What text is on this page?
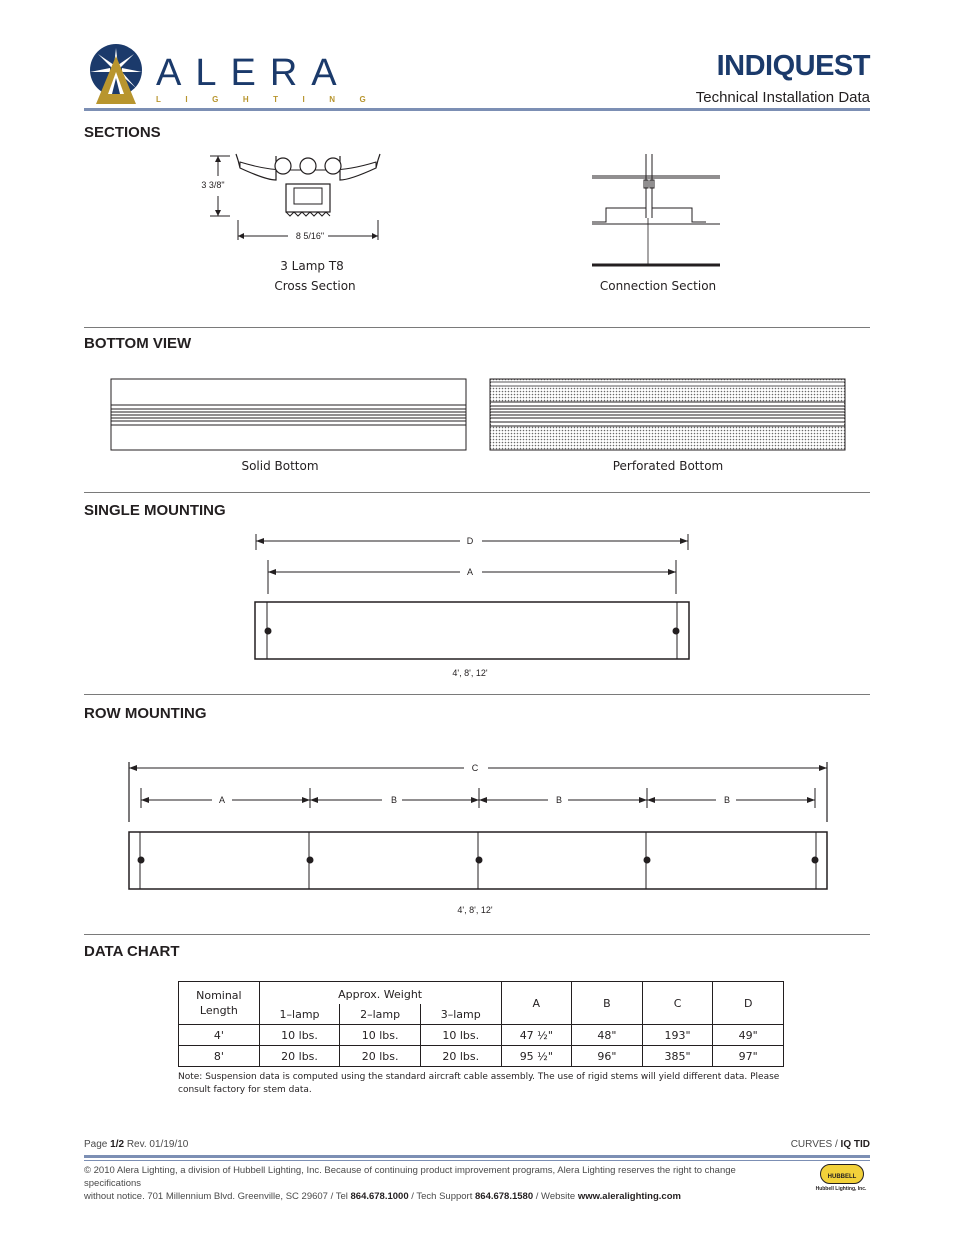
ALERA
LIGHTING
INDIQUEST
Technical Installation Data
SECTIONS
3 3/8"
8 5/16"
3 Lamp T8
Cross Section	Connection Section
BOTTOM VIEW
Solid Bottom	Perforated Bottom
SINGLE MOUNTING
D
A
4', 8', 12'
ROW MOUNTING
C
A	B	B	B
4', 8', 12'
DATA CHART
Nominal
Length	Approx. Weight			A	B	C	D
	1–lamp	2–lamp	3–lamp				
4'	10 lbs.	10 lbs.	10 lbs.	47 ½"	48"	193"	49"
8'	20 lbs.	20 lbs.	20 lbs.	95 ½"	96"	385"	97"
Note: Suspension data is computed using the standard aircraft cable assembly. The use of rigid stems will yield different data. Please consult factory for stem data.
Page 1/2 Rev. 01/19/10	CURVES / IQ TID
© 2010 Alera Lighting, a division of Hubbell Lighting, Inc. Because of continuing product improvement programs, Alera Lighting reserves the right to change specifications
without notice. 701 Millennium Blvd. Greenville, SC 29607 / Tel 864.678.1000 / Tech Support 864.678.1580 / Website www.aleralighting.com
HUBBELL
Hubbell Lighting, Inc.
